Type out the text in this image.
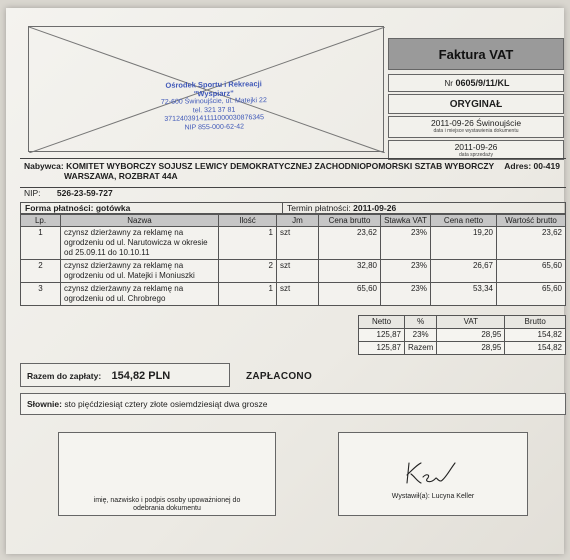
Ośrodek Sportu i Rekreacji
"Wyspiarz"
72-600 Świnoujście, ul. Matejki 22
tel. 321 37 81
37124039141111000030876345
NIP 855-000-62-42
Faktura VAT
Nr
0605/9/11/KL
ORYGINAŁ
2011-09-26 Świnoujście
data i miejsce wystawienia dokumentu
2011-09-26
data sprzedaży
Nabywca: KOMITET WYBORCZY SOJUSZ LEWICY DEMOKRATYCZNEJ ZACHODNIOPOMORSKI SZTAB WYBORCZY
WARSZAWA, ROZBRAT 44A
Adres: 00-419
NIP: 526-23-59-727
Forma płatności: gotówka	Termin płatności: 2011-09-26
Lp.	Nazwa	Ilość	Jm	Cena brutto	Stawka VAT	Cena netto	Wartość brutto
1	czynsz dzierżawny za reklamę na ogrodzeniu od ul. Narutowicza w okresie od 25.09.11 do 10.10.11	1	szt	23,62	23%	19,20	23,62
2	czynsz dzierżawny za reklamę na ogrodzeniu od ul. Matejki i Moniuszki	2	szt	32,80	23%	26,67	65,60
3	czynsz dzierżawny za reklamę na ogrodzeniu od ul. Chrobrego	1	szt	65,60	23%	53,34	65,60
Netto	%	VAT	Brutto
125,87	23%	28,95	154,82
125,87	Razem	28,95	154,82
Razem do zapłaty: 154,82 PLN	ZAPŁACONO
Słownie: sto pięćdziesiąt cztery złote osiemdziesiąt dwa grosze
imię, nazwisko i podpis osoby upoważnionej do
odebrania dokumentu
Wystawił(a): Lucyna Keller
